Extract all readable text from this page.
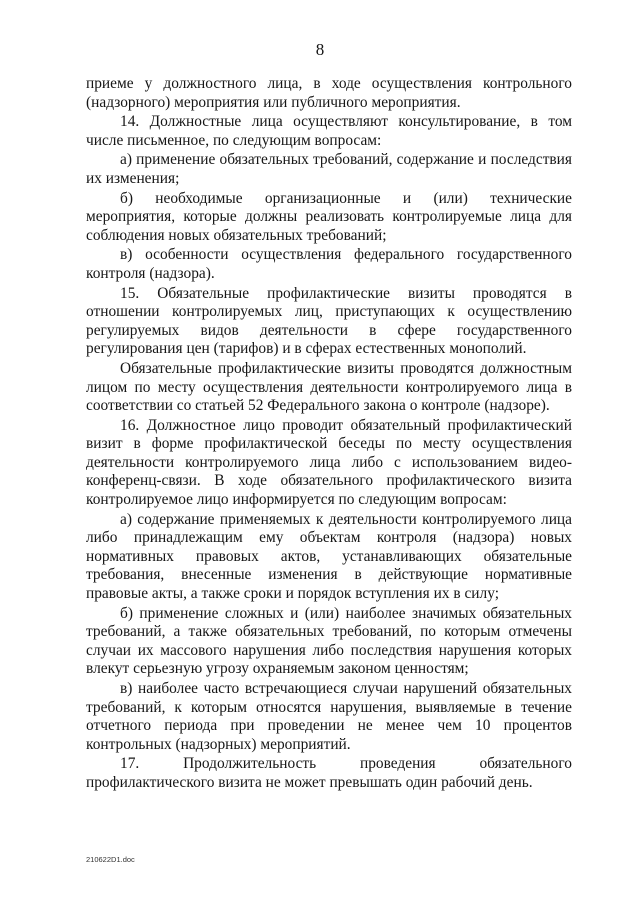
8

приеме у должностного лица, в ходе осуществления контрольного (надзорного) мероприятия или публичного мероприятия.

14. Должностные лица осуществляют консультирование, в том числе письменное, по следующим вопросам:

а) применение обязательных требований, содержание и последствия их изменения;

б) необходимые организационные и (или) технические мероприятия, которые должны реализовать контролируемые лица для соблюдения новых обязательных требований;

в) особенности осуществления федерального государственного контроля (надзора).

15. Обязательные профилактические визиты проводятся в отношении контролируемых лиц, приступающих к осуществлению регулируемых видов деятельности в сфере государственного регулирования цен (тарифов) и в сферах естественных монополий.

Обязательные профилактические визиты проводятся должностным лицом по месту осуществления деятельности контролируемого лица в соответствии со статьей 52 Федерального закона о контроле (надзоре).

16. Должностное лицо проводит обязательный профилактический визит в форме профилактической беседы по месту осуществления деятельности контролируемого лица либо с использованием видео-конференц-связи. В ходе обязательного профилактического визита контролируемое лицо информируется по следующим вопросам:

а) содержание применяемых к деятельности контролируемого лица либо принадлежащим ему объектам контроля (надзора) новых нормативных правовых актов, устанавливающих обязательные требования, внесенные изменения в действующие нормативные правовые акты, а также сроки и порядок вступления их в силу;

б) применение сложных и (или) наиболее значимых обязательных требований, а также обязательных требований, по которым отмечены случаи их массового нарушения либо последствия нарушения которых влекут серьезную угрозу охраняемым законом ценностям;

в) наиболее часто встречающиеся случаи нарушений обязательных требований, к которым относятся нарушения, выявляемые в течение отчетного периода при проведении не менее чем 10 процентов контрольных (надзорных) мероприятий.

17. Продолжительность проведения обязательного профилактического визита не может превышать один рабочий день.

210622D1.doc
